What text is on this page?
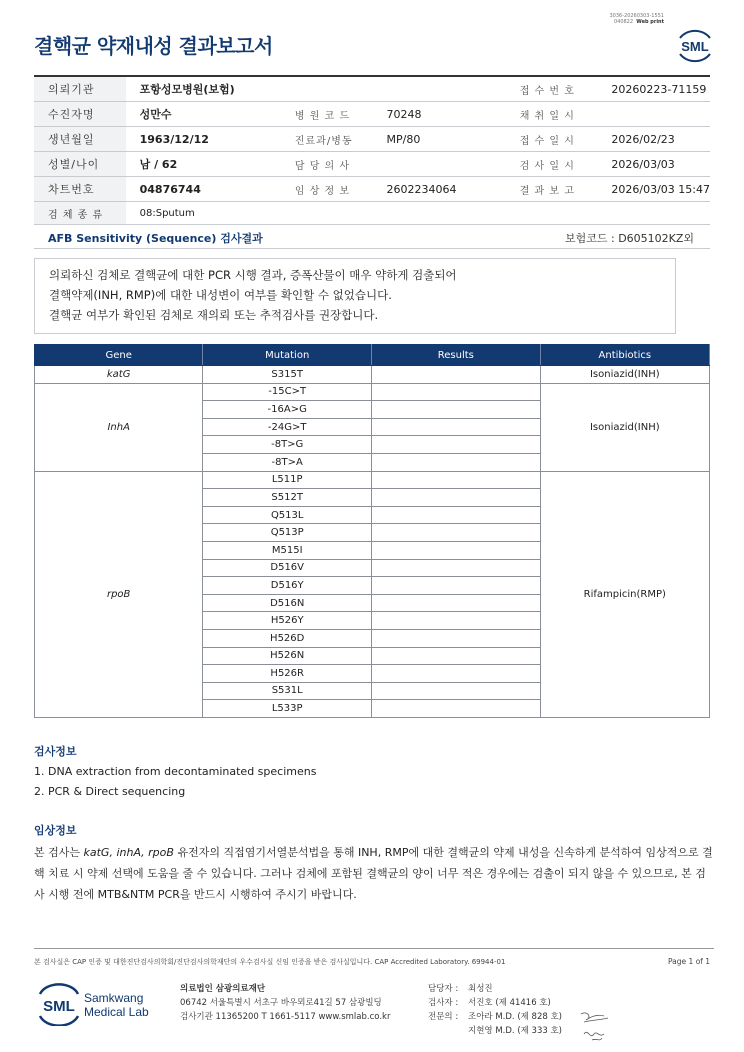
3036-20260303-1551
040822 Web print
결핵균 약재내성 결과보고서	SML
의뢰기관	포항성모병원(보험)			접 수 번 호	20260223-71159
수진자명	성만수	병 원 코 드	70248	채 취 일 시	
생년월일	1963/12/12	진료과/병동	MP/80	접 수 일 시	2026/02/23
성별/나이	남 / 62	담 당 의 사		검 사 일 시	2026/03/03
차트번호	04876744	임 상 정 보	2602234064	결 과 보 고	2026/03/03 15:47
검 체 종 류	08:Sputum				
AFB Sensitivity (Sequence) 검사결과	보험코드 : D605102KZ외
의뢰하신 검체로 결핵균에 대한 PCR 시행 결과, 증폭산물이 매우 약하게 검출되어
결핵약제(INH, RMP)에 대한 내성변이 여부를 확인할 수 없었습니다.
결핵균 여부가 확인된 검체로 재의뢰 또는 추적검사를 권장합니다.
Gene	Mutation	Results	Antibiotics
katG	S315T		Isoniazid(INH)
InhA	-15C>T		Isoniazid(INH)
	-16A>G		
	-24G>T		
	-8T>G		
	-8T>A		
rpoB	L511P		Rifampicin(RMP)
	S512T		
	Q513L		
	Q513P		
	M515I		
	D516V		
	D516Y		
	D516N		
	H526Y		
	H526D		
	H526N		
	H526R		
	S531L		
	L533P		
검사정보
1. DNA extraction from decontaminated specimens
2. PCR & Direct sequencing
임상정보
본 검사는 katG, inhA, rpoB 유전자의 직접염기서열분석법을 통해 INH, RMP에 대한 결핵균의 약제 내성을 신속하게 분석하여 임상적으로 결핵 치료 시 약제 선택에 도움을 줄 수 있습니다. 그러나 검체에 포함된 결핵균의 양이 너무 적은 경우에는 검출이 되지 않을 수 있으므로, 본 검사 시행 전에 MTB&NTM PCR을 반드시 시행하여 주시기 바랍니다.
본 검사실은 CAP 인증 및 대한진단검사의학회/진단검사의학재단의 우수검사실 신임 인증을 받은 검사실입니다. CAP Accredited Laboratory. 69944-01	Page 1 of 1
SML Samkwang
Medical Lab
의료법인 삼광의료재단
06742 서울특별시 서초구 바우뫼로41길 57 삼광빌딩
검사기관 11365200 T 1661-5117 www.smlab.co.kr
담당자 : 최성진
검사자 : 서진호 (제 41416 호)
전문의 : 조아라 M.D. (제 828 호)
지현영 M.D. (제 333 호)
